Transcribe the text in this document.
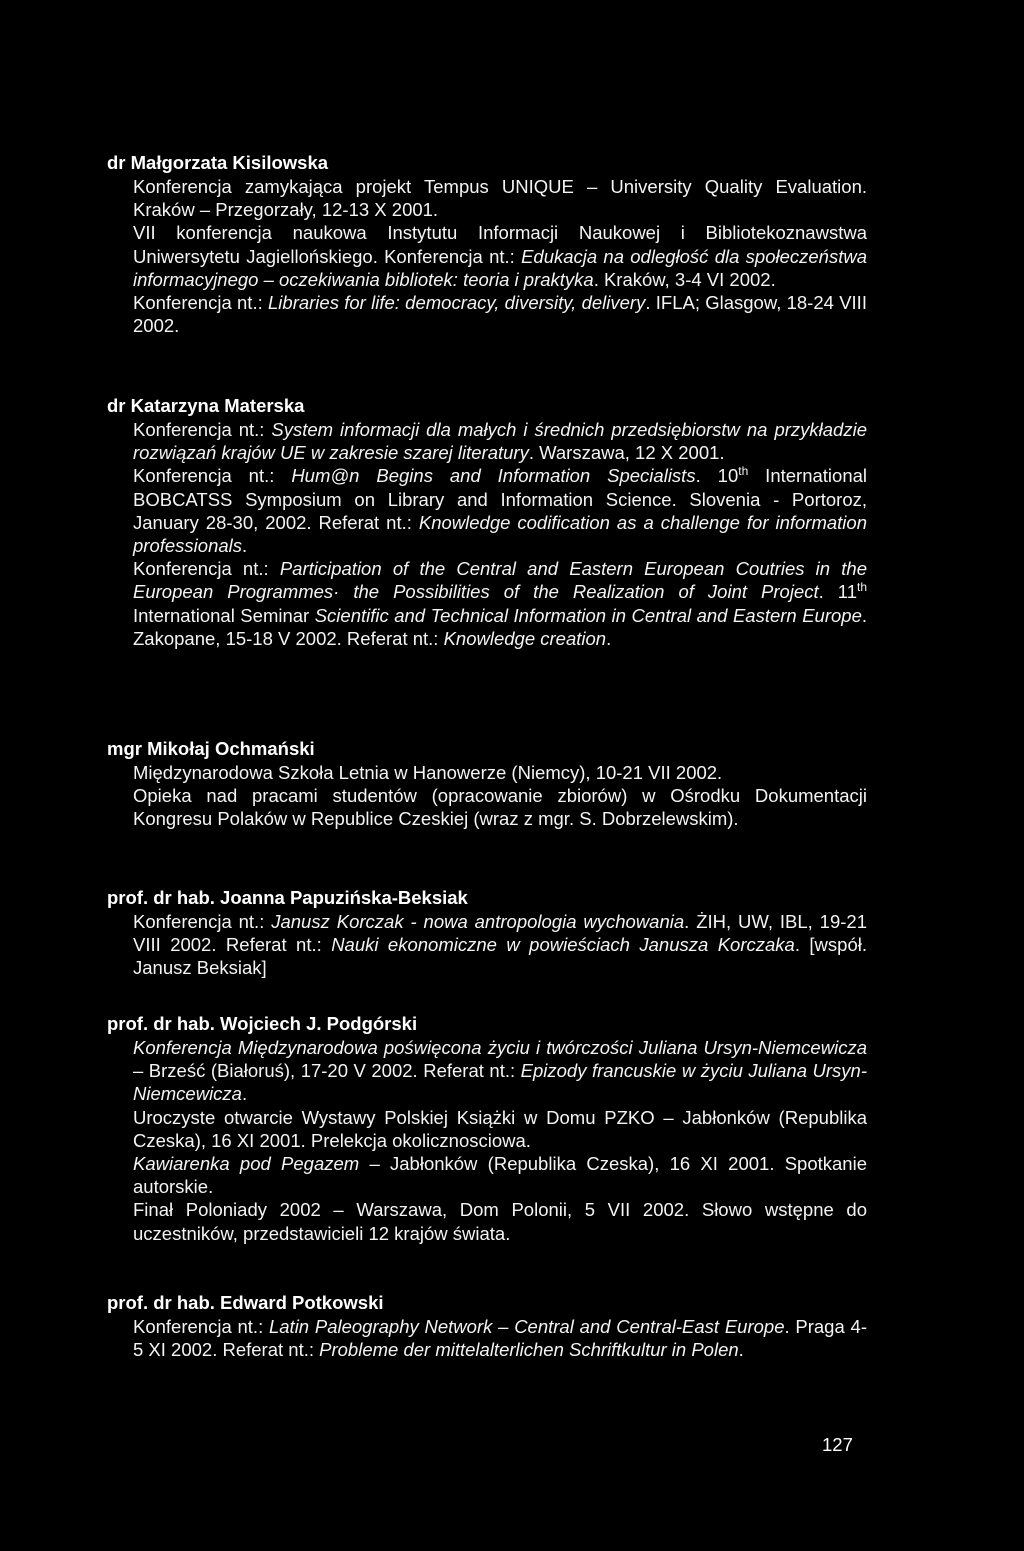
dr Małgorzata Kisilowska

Konferencja zamykająca projekt Tempus UNIQUE – University Quality Evaluation. Kraków – Przegorzały, 12-13 X 2001.

VII konferencja naukowa Instytutu Informacji Naukowej i Bibliotekoznawstwa Uniwersytetu Jagiellońskiego. Konferencja nt.: Edukacja na odległość dla społeczeństwa informacyjnego – oczekiwania bibliotek: teoria i praktyka. Kraków, 3-4 VI 2002.

Konferencja nt.: Libraries for life: democracy, diversity, delivery. IFLA; Glasgow, 18-24 VIII 2002.

dr Katarzyna Materska

Konferencja nt.: System informacji dla małych i średnich przedsiębiorstw na przykładzie rozwiązań krajów UE w zakresie szarej literatury. Warszawa, 12 X 2001.

Konferencja nt.: Hum@n Begins and Information Specialists. 10th International BOBCATSS Symposium on Library and Information Science. Slovenia - Portoroz, January 28-30, 2002. Referat nt.: Knowledge codification as a challenge for information professionals.

Konferencja nt.: Participation of the Central and Eastern European Coutries in the European Programmes· the Possibilities of the Realization of Joint Project. 11th International Seminar Scientific and Technical Information in Central and Eastern Europe. Zakopane, 15-18 V 2002. Referat nt.: Knowledge creation.

mgr Mikołaj Ochmański

Międzynarodowa Szkoła Letnia w Hanowerze (Niemcy), 10-21 VII 2002.

Opieka nad pracami studentów (opracowanie zbiorów) w Ośrodku Dokumentacji Kongresu Polaków w Republice Czeskiej (wraz z mgr. S. Dobrzelewskim).

prof. dr hab. Joanna Papuzińska-Beksiak

Konferencja nt.: Janusz Korczak - nowa antropologia wychowania. ŻIH, UW, IBL, 19-21 VIII 2002. Referat nt.: Nauki ekonomiczne w powieściach Janusza Korczaka. [współ. Janusz Beksiak]

prof. dr hab. Wojciech J. Podgórski

Konferencja Międzynarodowa poświęcona życiu i twórczości Juliana Ursyn-Niemcewicza – Brześć (Białoruś), 17-20 V 2002. Referat nt.: Epizody francuskie w życiu Juliana Ursyn-Niemcewicza.

Uroczyste otwarcie Wystawy Polskiej Książki w Domu PZKO – Jabłonków (Republika Czeska), 16 XI 2001. Prelekcja okolicznosciowa.

Kawiarenka pod Pegazem – Jabłonków (Republika Czeska), 16 XI 2001. Spotkanie autorskie.

Finał Poloniady 2002 – Warszawa, Dom Polonii, 5 VII 2002. Słowo wstępne do uczestników, przedstawicieli 12 krajów świata.

prof. dr hab. Edward Potkowski

Konferencja nt.: Latin Paleography Network – Central and Central-East Europe. Praga 4-5 XI 2002. Referat nt.: Probleme der mittelalterlichen Schriftkultur in Polen.

127
